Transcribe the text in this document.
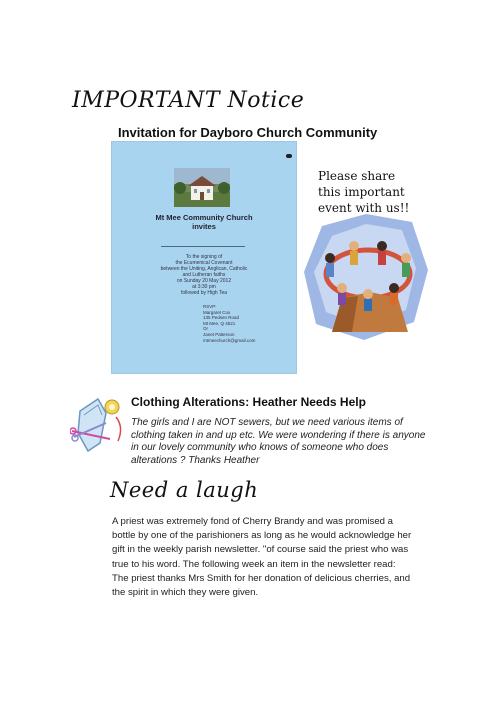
IMPORTANT Notice
Invitation for Dayboro Church Community
Mt Mee Community Church
invites
To the signing of
the Ecumenical Covenant
between the Uniting, Anglican, Catholic
and Lutheran faiths
on Sunday 20 May 2012
at 3:30 pm
followed by High Tea
RSVP:
Margaret Cox
135 Pedsen Road
Mt Mee, Q 4521
Or
Janet Patterson
mtmeechurch@gmail.com
Please share this important event with us!!
Clothing Alterations: Heather Needs Help
The girls and I are NOT sewers, but we need various items of clothing taken in and up etc. We were wondering if there is anyone in our lovely community who knows of someone who does alterations ? Thanks Heather
Need a laugh
A priest was extremely fond of Cherry Brandy and was promised a bottle by one of the parishioners as long as he would acknowledge her gift in the weekly parish newsletter. "of course said the priest who was true to his word. The following week an item in the newsletter read: The priest thanks Mrs Smith for her donation of delicious cherries, and the spirit in which they were given.
